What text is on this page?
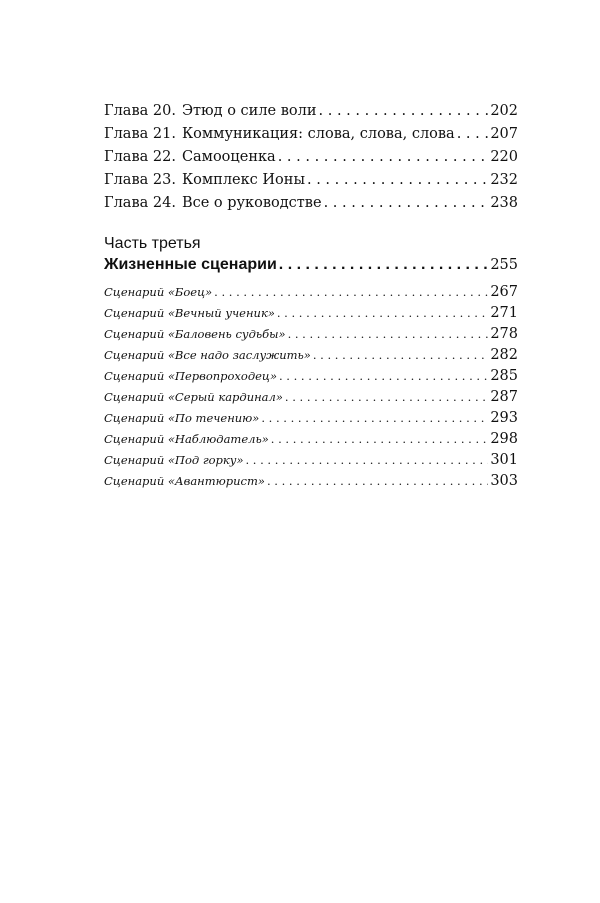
Глава 20. Этюд о силе воли . . .	202
Глава 21. Коммуникация: слова, слова, слова . . . 207
Глава 22. Самооценка . . .	220
Глава 23. Комплекс Ионы . . .	232
Глава 24. Все о руководстве . . .	238

Часть третья

Жизненные сценарии . . .	255
Сценарий «Боец» . . .	267
Сценарий «Вечный ученик» . . .	271
Сценарий «Баловень судьбы» . . .	278
Сценарий «Все надо заслужить» . . .	282
Сценарий «Первопроходец» . . .	285
Сценарий «Серый кардинал» . . .	287
Сценарий «По течению» . . .	293
Сценарий «Наблюдатель» . . .	298
Сценарий «Под горку» . . .	301
Сценарий «Авантюрист» . . .	303
